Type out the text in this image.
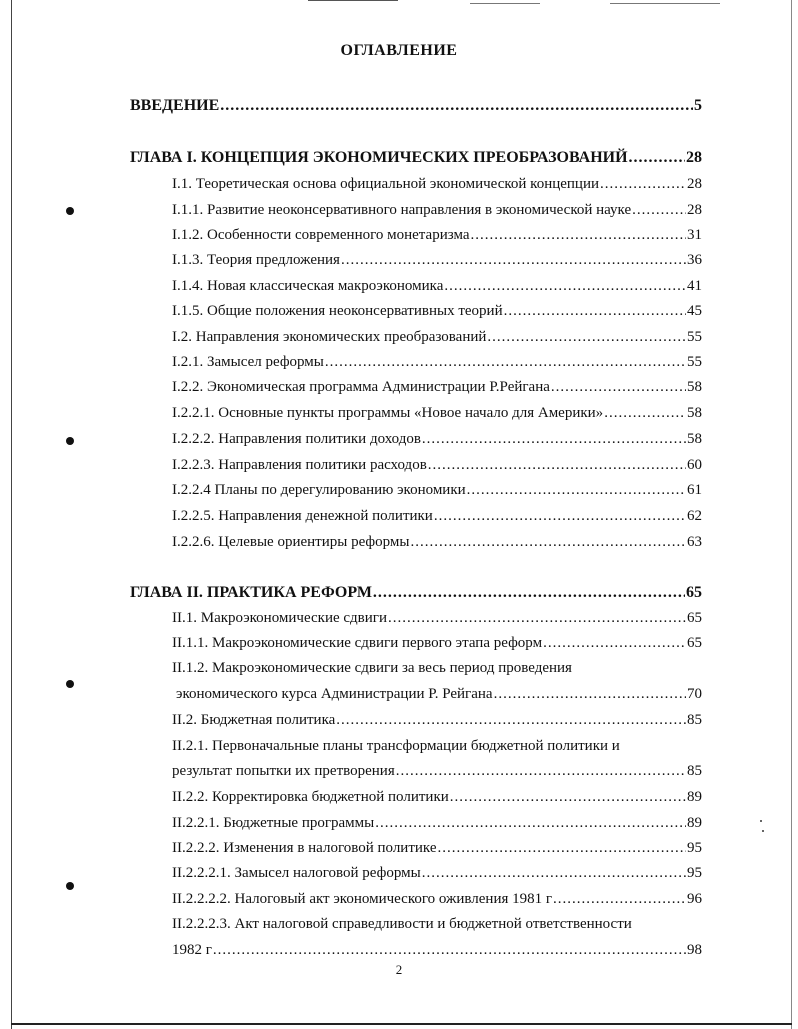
ОГЛАВЛЕНИЕ
ВВЕДЕНИЕ .....	5
ГЛАВА I. КОНЦЕПЦИЯ ЭКОНОМИЧЕСКИХ ПРЕОБРАЗОВАНИЙ .....	28
I.1. Теоретическая основа официальной экономической концепции .....	28
I.1.1. Развитие неоконсервативного направления в экономической науке .....	28
I.1.2. Особенности современного монетаризма .....	31
I.1.3. Теория предложения .....	36
I.1.4. Новая классическая макроэкономика .....	41
I.1.5. Общие положения неоконсервативных теорий .....	45
I.2. Направления экономических преобразований .....	55
I.2.1. Замысел реформы .....	55
I.2.2. Экономическая программа Администрации Р.Рейгана .....	58
I.2.2.1. Основные пункты программы «Новое начало для Америки» .....	58
I.2.2.2. Направления политики доходов .....	58
I.2.2.3. Направления политики расходов .....	60
I.2.2.4 Планы по дерегулированию экономики .....	61
I.2.2.5. Направления денежной политики .....	62
I.2.2.6. Целевые ориентиры реформы .....	63
ГЛАВА II. ПРАКТИКА РЕФОРМ .....	65
II.1. Макроэкономические сдвиги .....	65
II.1.1. Макроэкономические сдвиги первого этапа реформ .....	65
II.1.2. Макроэкономические сдвиги за весь период проведения
экономического курса Администрации Р. Рейгана .....	70
II.2. Бюджетная политика .....	85
II.2.1. Первоначальные планы трансформации бюджетной политики и
результат попытки их претворения .....	85
II.2.2. Корректировка бюджетной политики .....	89
II.2.2.1. Бюджетные программы .....	89
II.2.2.2. Изменения в налоговой политике .....	95
II.2.2.2.1. Замысел налоговой реформы .....	95
II.2.2.2.2. Налоговый акт экономического оживления 1981 г .....	96
II.2.2.2.3. Акт налоговой справедливости и бюджетной ответственности
1982 г .....	98
2
